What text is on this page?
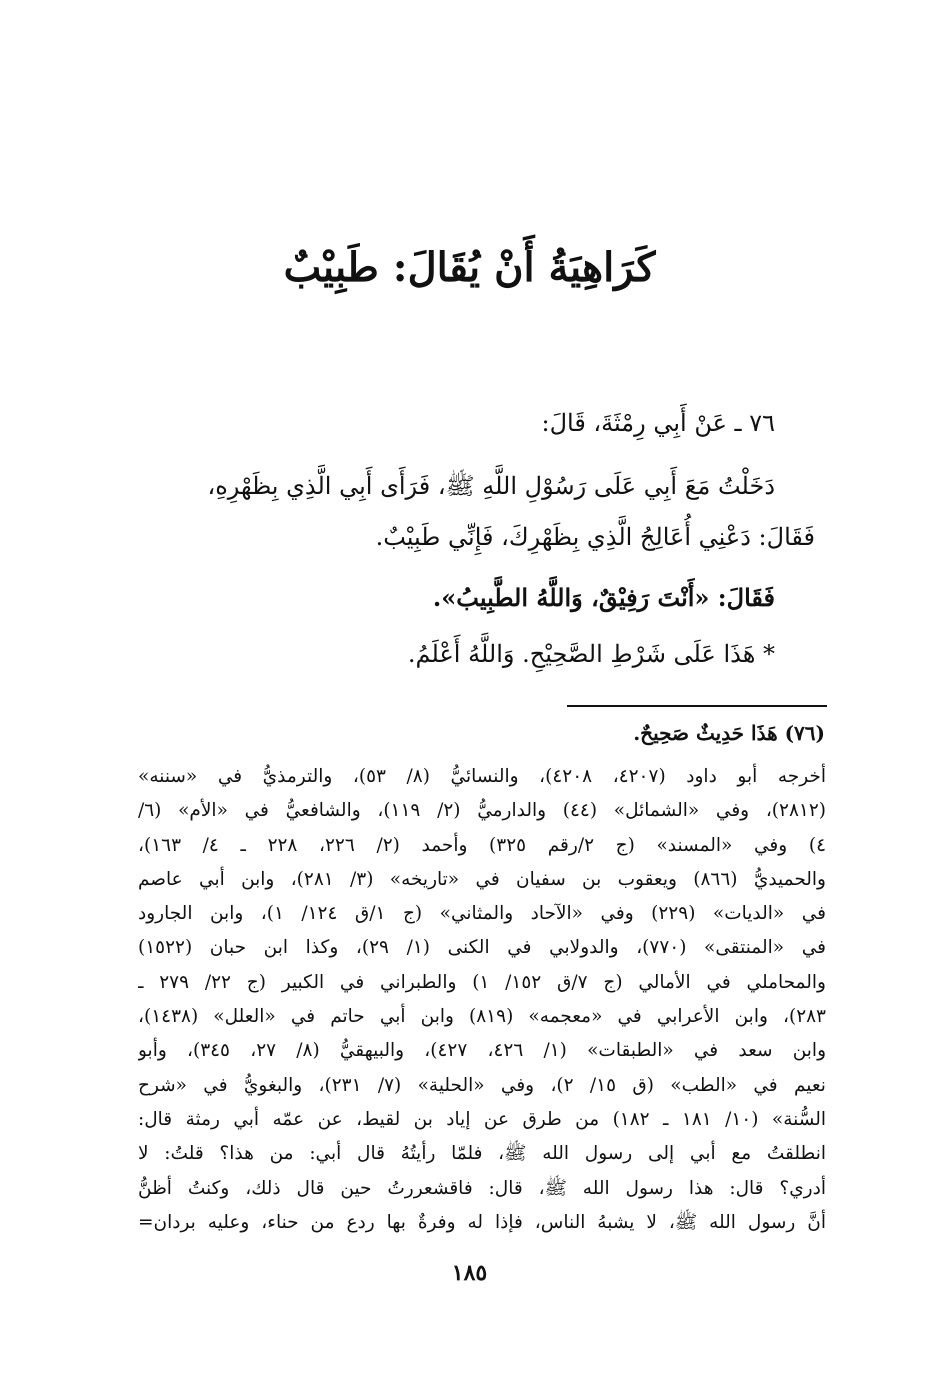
كَرَاهِيَةُ أَنْ يُقَالَ: طَبِيْبٌ
٧٦ ـ عَنْ أَبِي رِمْثَةَ، قَالَ:
دَخَلْتُ مَعَ أَبِي عَلَى رَسُوْلِ اللَّهِ ﷺ، فَرَأَى أَبِي الَّذِي بِظَهْرِهِ،
فَقَالَ: دَعْنِي أُعَالِجُ الَّذِي بِظَهْرِكَ، فَإِنِّي طَبِيْبٌ.
فَقَالَ: «أَنْتَ رَفِيْقٌ، وَاللَّهُ الطَّبِيبُ».
* هَذَا عَلَى شَرْطِ الصَّحِيْحِ. وَاللَّهُ أَعْلَمُ.
(٧٦) هَذَا حَدِيثٌ صَحِيحٌ.
أخرجه أبو داود (٤٢٠٧، ٤٢٠٨)، والنسائيُّ (٨/ ٥٣)، والترمذيُّ في «سننه»
(٢٨١٢)، وفي «الشمائل» (٤٤) والدارميُّ (٢/ ١١٩)، والشافعيُّ في «الأم» (٦/
٤) وفي «المسند» (ج ٢/رقم ٣٢٥) وأحمد (٢/ ٢٢٦، ٢٢٨ ـ ٤/ ١٦٣)،
والحميديُّ (٨٦٦) ويعقوب بن سفيان في «تاريخه» (٣/ ٢٨١)، وابن أبي عاصم
في «الديات» (٢٢٩) وفي «الآحاد والمثاني» (ج ١/ق ١٢٤/ ١)، وابن الجارود
في «المنتقى» (٧٧٠)، والدولابي في الكنى (١/ ٢٩)، وكذا ابن حبان (١٥٢٢)
والمحاملي في الأمالي (ج ٧/ق ١٥٢/ ١) والطبراني في الكبير (ج ٢٢/ ٢٧٩ ـ
٢٨٣)، وابن الأعرابي في «معجمه» (٨١٩) وابن أبي حاتم في «العلل» (١٤٣٨)،
وابن سعد في «الطبقات» (١/ ٤٢٦، ٤٢٧)، والبيهقيُّ (٨/ ٢٧، ٣٤٥)، وأبو
نعيم في «الطب» (ق ١٥/ ٢)، وفي «الحلية» (٧/ ٢٣١)، والبغويُّ في «شرح
السُّنة» (١٠/ ١٨١ ـ ١٨٢) من طرق عن إياد بن لقيط، عن عمّه أبي رمثة قال:
انطلقتُ مع أبي إلى رسول الله ﷺ، فلمّا رأيتُهُ قال أبي: من هذا؟ قلتُ: لا
أدري؟ قال: هذا رسول الله ﷺ، قال: فاقشعررتُ حين قال ذلك، وكنتُ أظنُّ
أنَّ رسول الله ﷺ، لا يشبهُ الناس، فإذا له وفرةٌ بها ردع من حناء، وعليه بردان=
١٨٥
